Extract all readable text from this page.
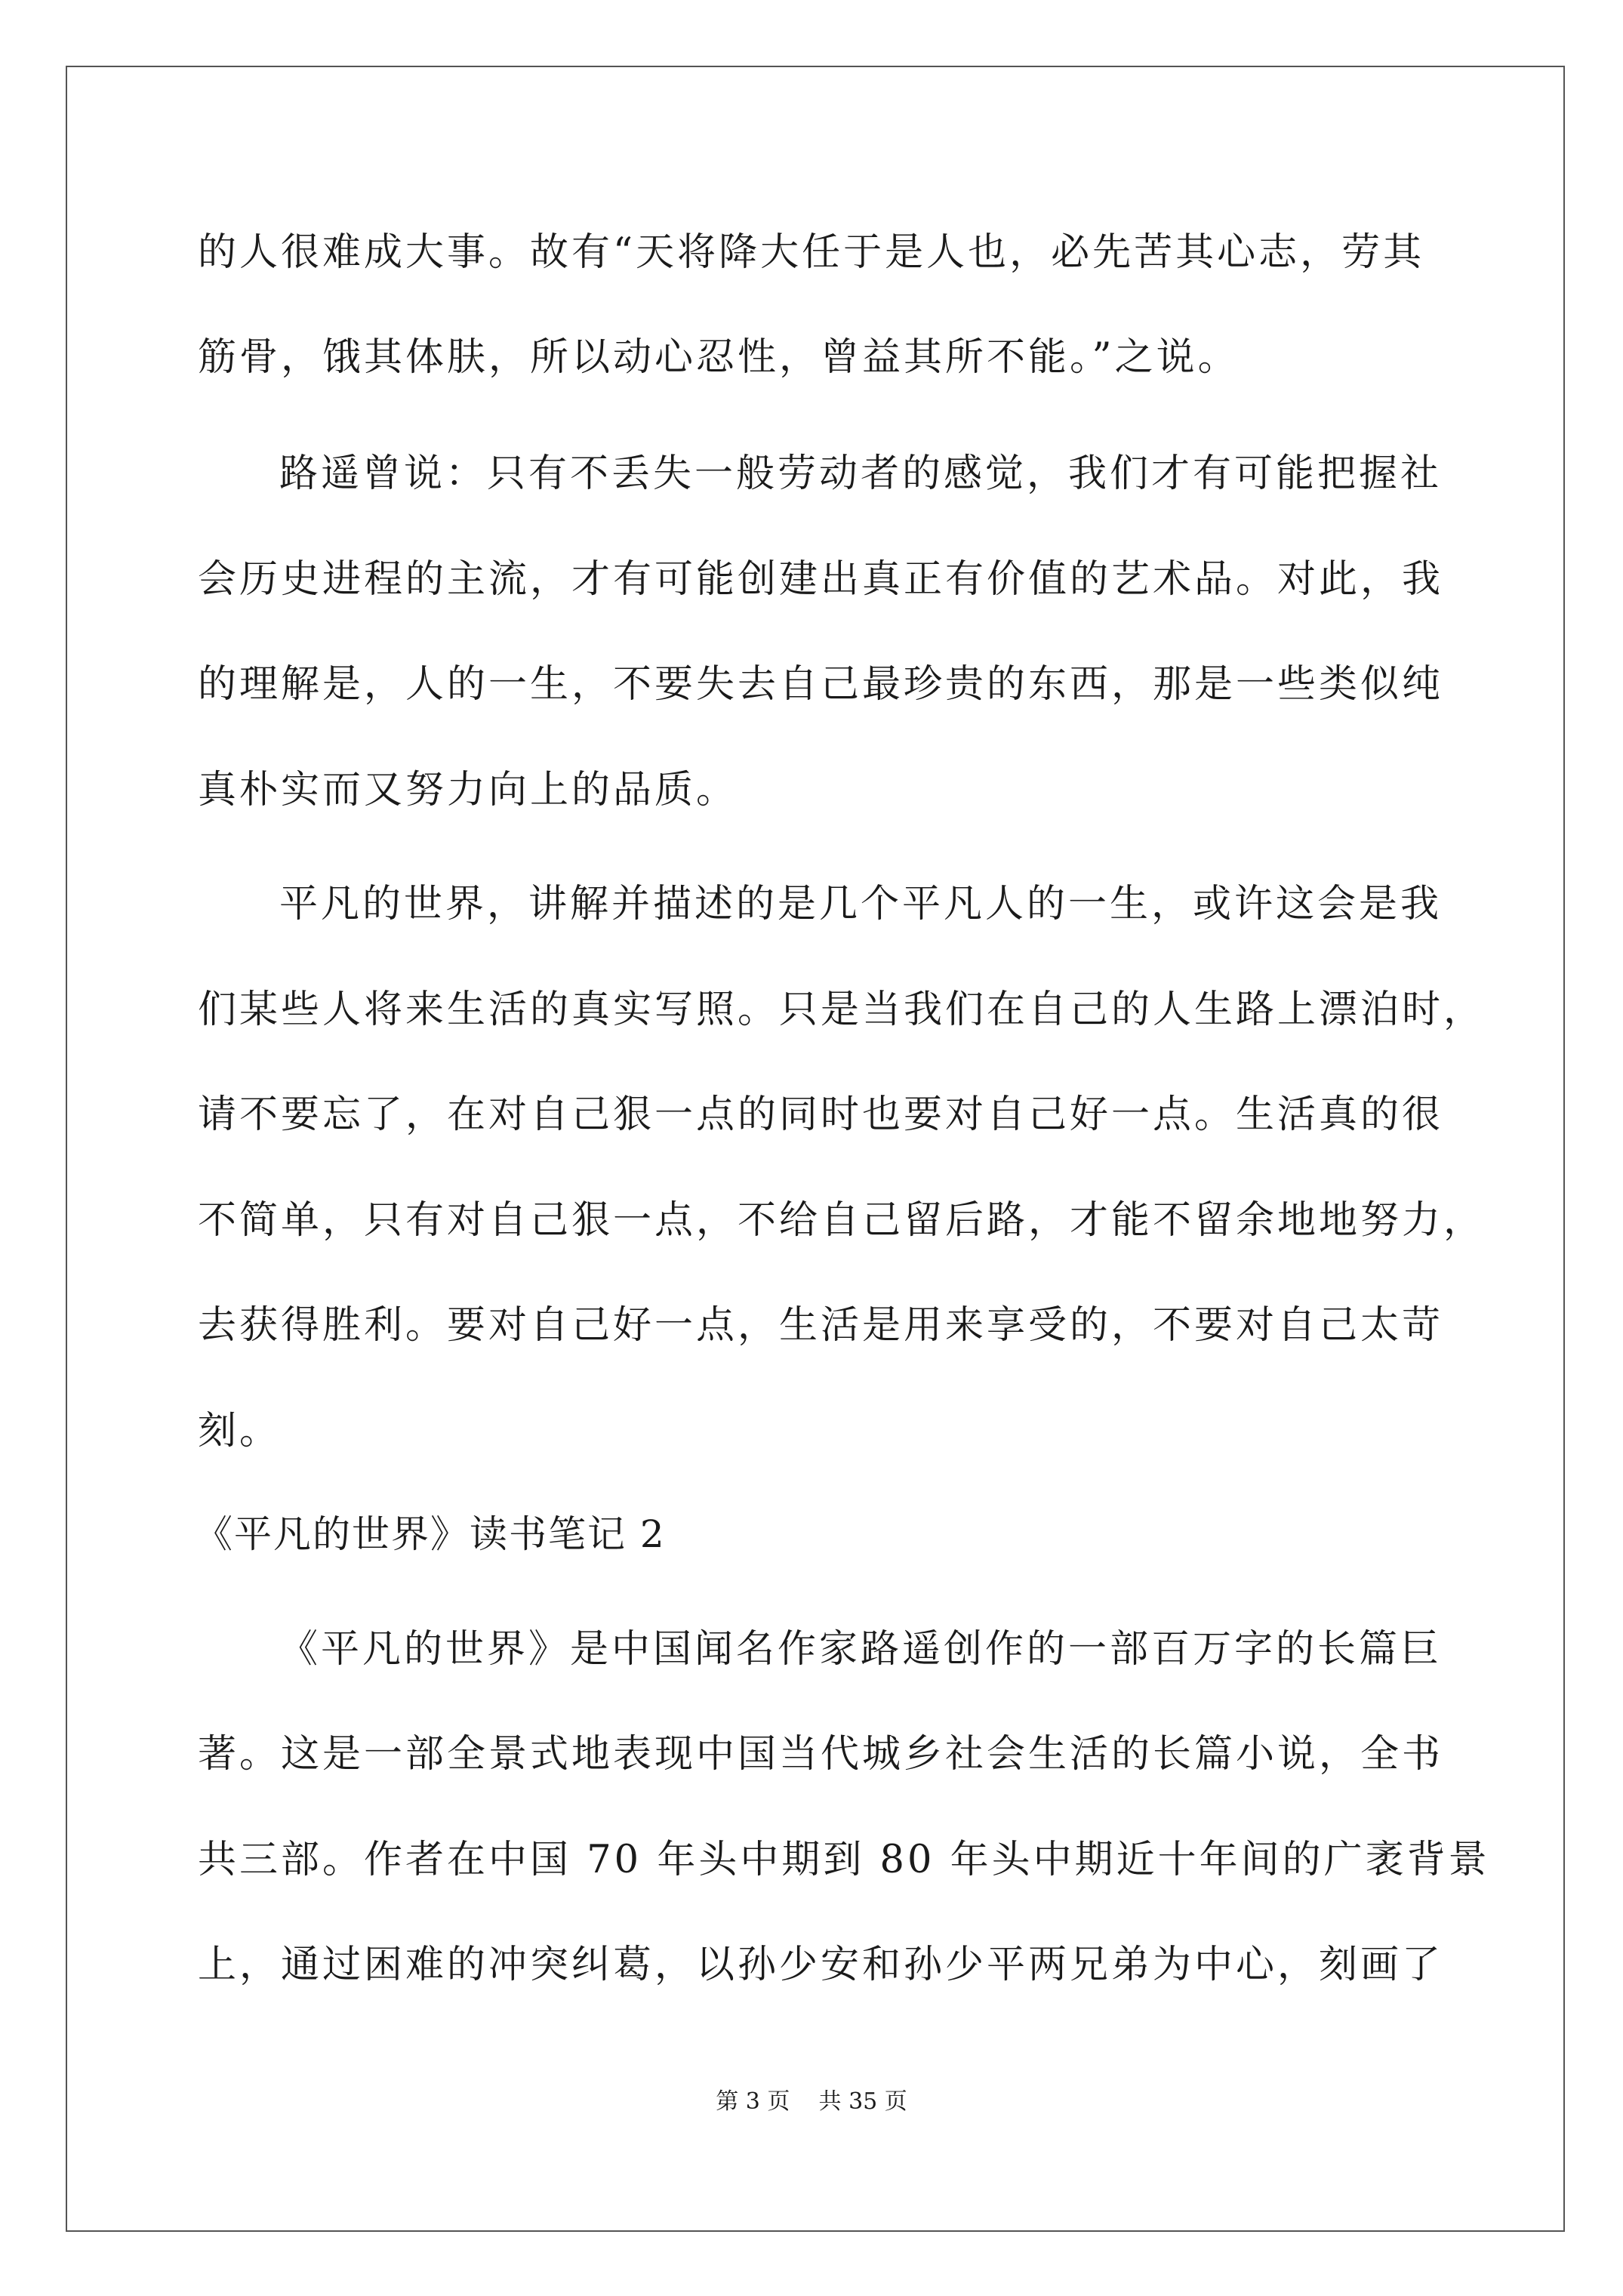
的人很难成大事。故有“天将降大任于是人也，必先苦其心志，劳其
筋骨，饿其体肤，所以动心忍性，曾益其所不能。”之说。
路遥曾说：只有不丢失一般劳动者的感觉，我们才有可能把握社
会历史进程的主流，才有可能创建出真正有价值的艺术品。对此，我
的理解是，人的一生，不要失去自己最珍贵的东西，那是一些类似纯
真朴实而又努力向上的品质。
平凡的世界，讲解并描述的是几个平凡人的一生，或许这会是我
们某些人将来生活的真实写照。只是当我们在自己的人生路上漂泊时，
请不要忘了，在对自己狠一点的同时也要对自己好一点。生活真的很
不简单，只有对自己狠一点，不给自己留后路，才能不留余地地努力，
去获得胜利。要对自己好一点，生活是用来享受的，不要对自己太苛
刻。
《平凡的世界》读书笔记 2
《平凡的世界》是中国闻名作家路遥创作的一部百万字的长篇巨
著。这是一部全景式地表现中国当代城乡社会生活的长篇小说，全书
共三部。作者在中国 70 年头中期到 80 年头中期近十年间的广袤背景
上，通过困难的冲突纠葛，以孙少安和孙少平两兄弟为中心，刻画了
第 3 页 共 35 页
